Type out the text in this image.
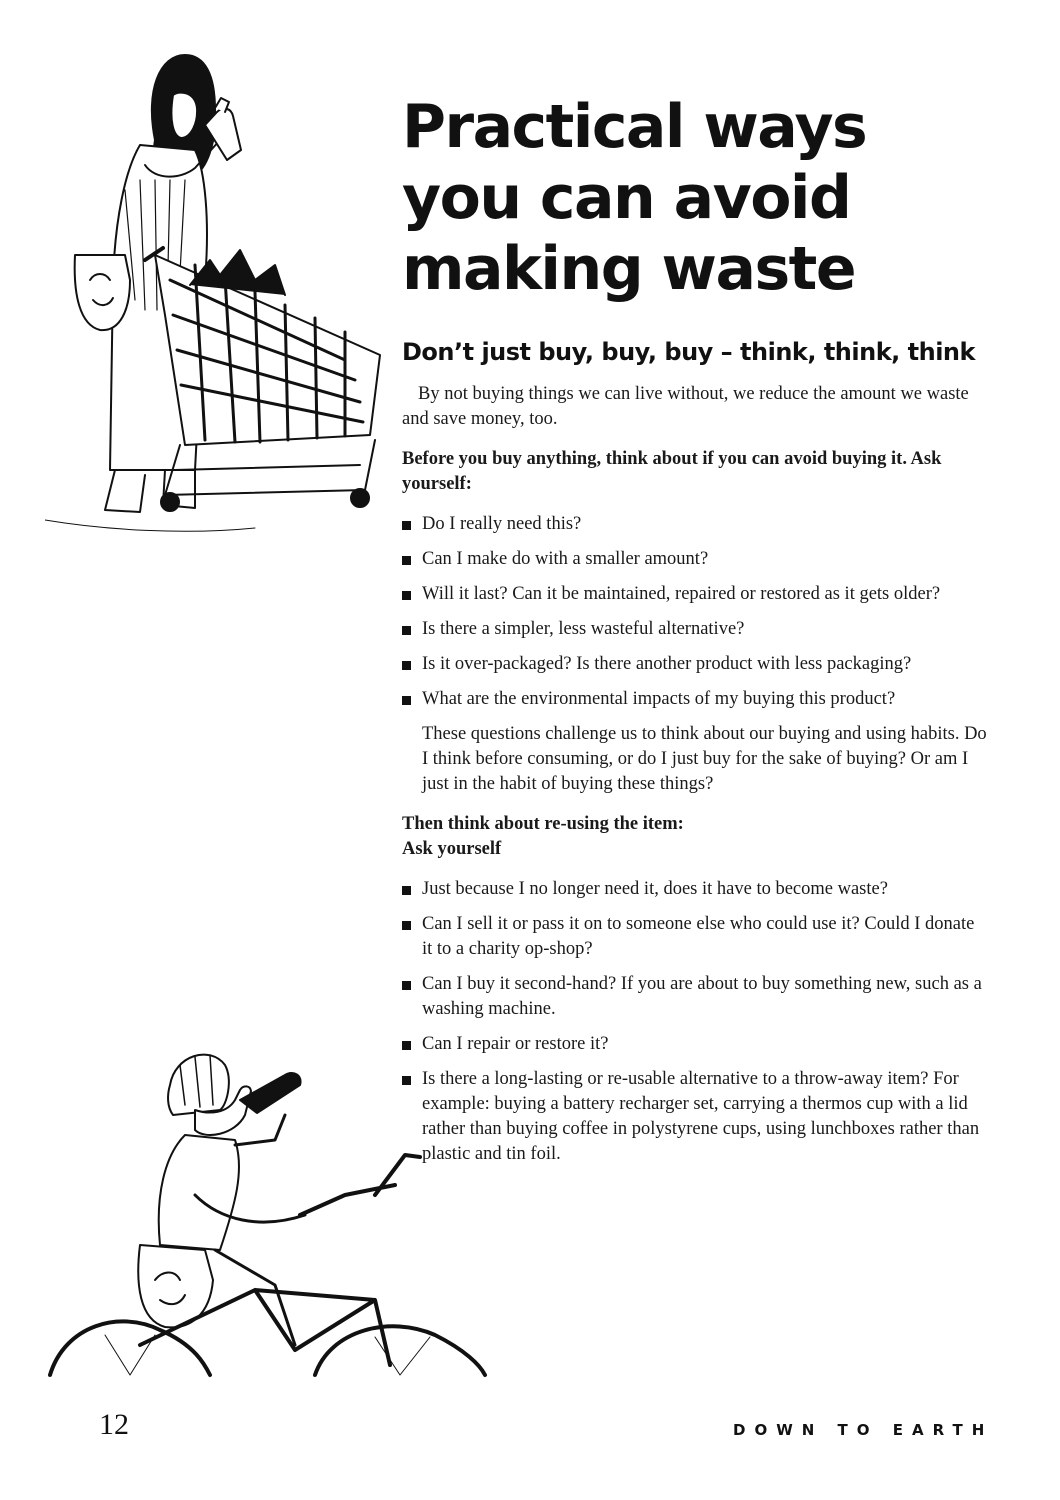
Practical ways
you can avoid
making waste
Don’t just buy, buy, buy – think, think, think

By not buying things we can live without, we reduce the amount we waste and save money, too.

Before you buy anything, think about if you can avoid buying it. Ask yourself:

Do I really need this?
Can I make do with a smaller amount?
Will it last? Can it be maintained, repaired or restored as it gets older?
Is there a simpler, less wasteful alternative?
Is it over-packaged? Is there another product with less packaging?
What are the environmental impacts of my buying this product?

These questions challenge us to think about our buying and using habits. Do I think before consuming, or do I just buy for the sake of buying? Or am I just in the habit of buying these things?

Then think about re-using the item:
Ask yourself

Just because I no longer need it, does it have to become waste?
Can I sell it or pass it on to someone else who could use it? Could I donate it to a charity op-shop?
Can I buy it second-hand? If you are about to buy something new, such as a washing machine.
Can I repair or restore it?
Is there a long-lasting or re-usable alternative to a throw-away item? For example: buying a battery recharger set, carrying a thermos cup with a lid rather than buying coffee in polystyrene cups, using lunchboxes rather than plastic and tin foil.

12	DOWN TO EARTH
